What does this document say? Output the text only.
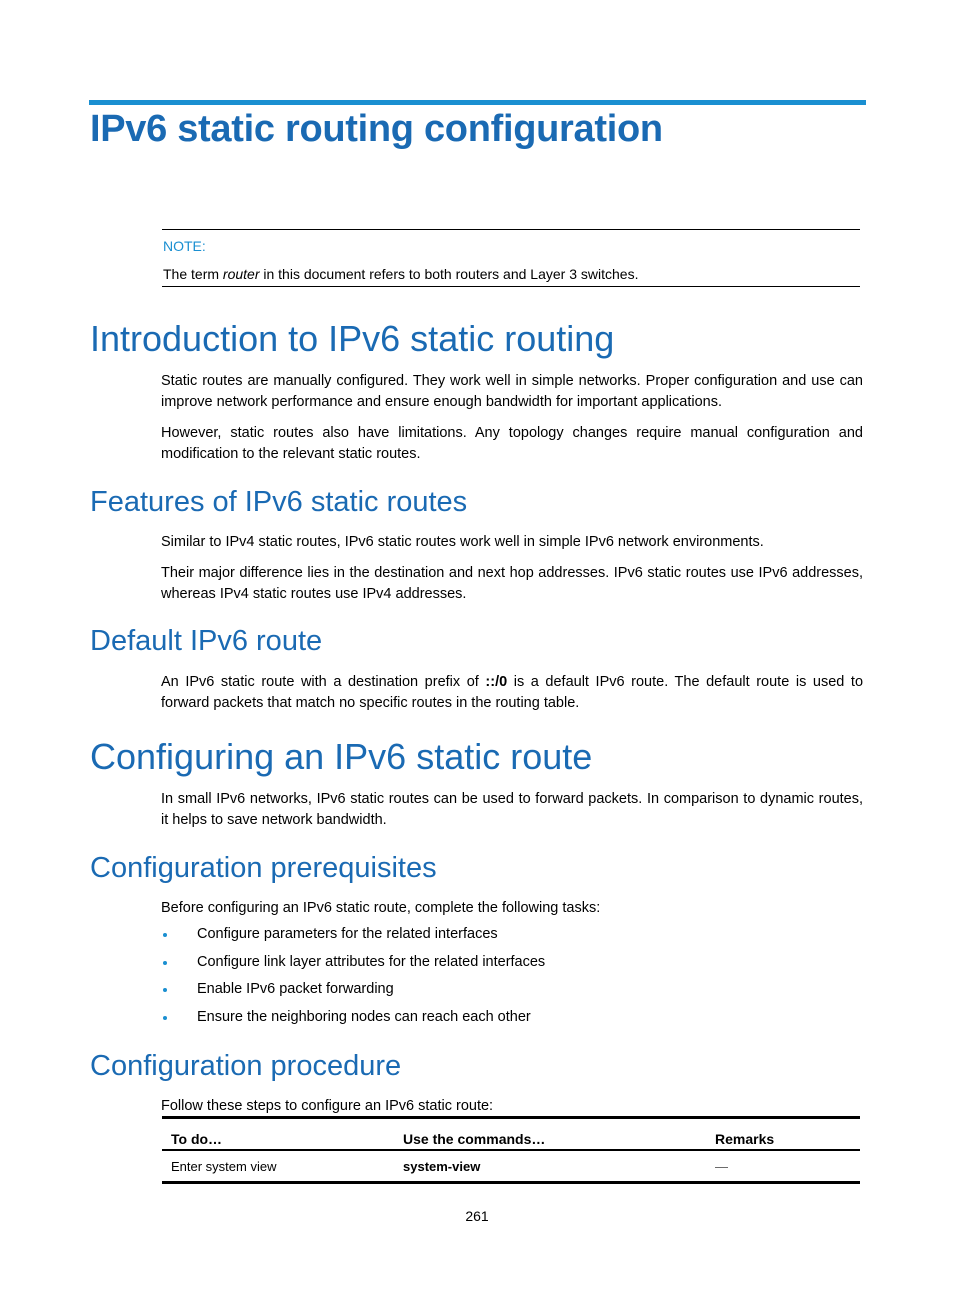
IPv6 static routing configuration
NOTE:
The term router in this document refers to both routers and Layer 3 switches.
Introduction to IPv6 static routing

Static routes are manually configured. They work well in simple networks. Proper configuration and use can improve network performance and ensure enough bandwidth for important applications.

However, static routes also have limitations. Any topology changes require manual configuration and modification to the relevant static routes.

Features of IPv6 static routes

Similar to IPv4 static routes, IPv6 static routes work well in simple IPv6 network environments.

Their major difference lies in the destination and next hop addresses. IPv6 static routes use IPv6 addresses, whereas IPv4 static routes use IPv4 addresses.

Default IPv6 route

An IPv6 static route with a destination prefix of ::/0 is a default IPv6 route. The default route is used to forward packets that match no specific routes in the routing table.

Configuring an IPv6 static route

In small IPv6 networks, IPv6 static routes can be used to forward packets. In comparison to dynamic routes, it helps to save network bandwidth.

Configuration prerequisites

Before configuring an IPv6 static route, complete the following tasks:

Configure parameters for the related interfaces
Configure link layer attributes for the related interfaces
Enable IPv6 packet forwarding
Ensure the neighboring nodes can reach each other
Configuration procedure

Follow these steps to configure an IPv6 static route:

To do…	Use the commands…	Remarks
Enter system view	system-view	—
261
